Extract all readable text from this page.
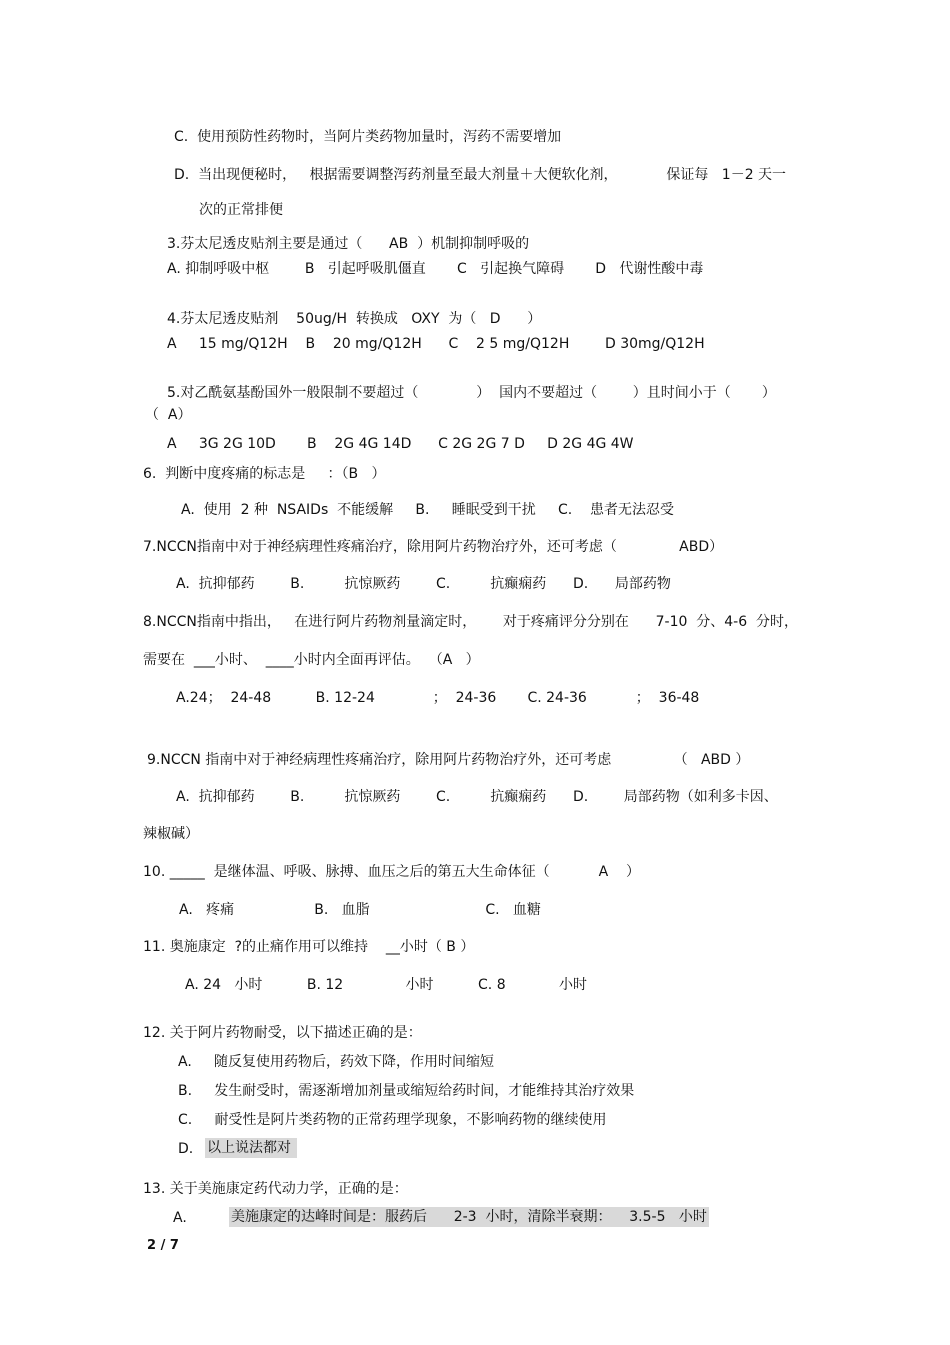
C.  使用预防性药物时，当阿片类药物加量时，泻药不需要增加
D.  当出现便秘时，   根据需要调整泻药剂量至最大剂量＋大便软化剂，           保证每   1－2 天一
次的正常排便
3.芬太尼透皮贴剂主要是通过（      AB  ）机制抑制呼吸的
A. 抑制呼吸中枢        B   引起呼吸肌僵直       C   引起换气障碍       D   代谢性酸中毒
4.芬太尼透皮贴剂    50ug/H  转换成   OXY  为（   D      ）
A     15 mg/Q12H    B    20 mg/Q12H      C    2 5 mg/Q12H        D 30mg/Q12H
5.对乙酰氨基酚国外一般限制不要超过（             ）  国内不要超过（        ）且时间小于（       ）
（  A）
A     3G 2G 10D       B    2G 4G 14D      C 2G 2G 7 D     D 2G 4G 4W
6.  判断中度疼痛的标志是     ：（B   ）
A.  使用  2 种  NSAIDs  不能缓解     B.     睡眠受到干扰     C.    患者无法忍受
7.NCCN指南中对于神经病理性疼痛治疗，除用阿片药物治疗外，还可考虑（              ABD）
A.  抗抑郁药        B.         抗惊厥药        C.         抗癫痫药      D.      局部药物
8.NCCN指南中指出，   在进行阿片药物剂量滴定时，      对于疼痛评分分别在      7-10  分、4-6  分时，
需要在  ___小时、  ____小时内全面再评估。  （A   ）
A.24；  24-48          B. 12-24             ；  24-36       C. 24-36           ；  36-48
9.NCCN 指南中对于神经病理性疼痛治疗，除用阿片药物治疗外，还可考虑              （   ABD ）
A.  抗抑郁药        B.         抗惊厥药        C.         抗癫痫药      D.        局部药物（如利多卡因、
辣椒碱）
10. _____  是继体温、呼吸、脉搏、血压之后的第五大生命体征（           A    ）
A.   疼痛                  B.   血脂                          C.   血糖
11. 奥施康定  ?的止痛作用可以维持    __小时（ B ）
A. 24   小时          B. 12              小时          C. 8            小时
12. 关于阿片药物耐受，以下描述正确的是：
A.     随反复使用药物后，药效下降，作用时间缩短
B.     发生耐受时，需逐渐增加剂量或缩短给药时间，才能维持其治疗效果
C.     耐受性是阿片类药物的正常药理学现象，不影响药物的继续使用
D. 以上说法都对
13. 关于美施康定药代动力学，正确的是：
A.	美施康定的达峰时间是：服药后      2-3  小时，清除半衰期：    3.5-5   小时
2 / 7
